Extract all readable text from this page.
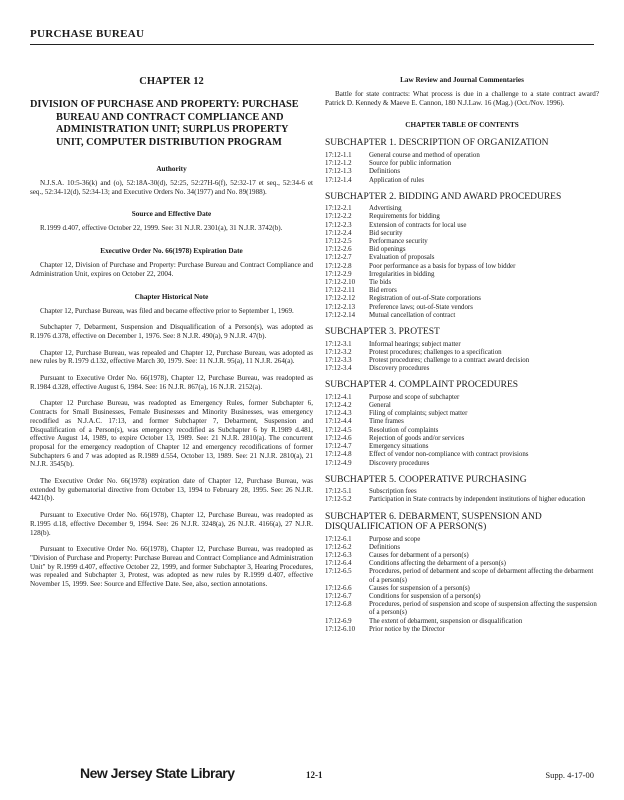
PURCHASE BUREAU
CHAPTER 12
DIVISION OF PURCHASE AND PROPERTY: PURCHASE BUREAU AND CONTRACT COMPLIANCE AND ADMINISTRATION UNIT; SURPLUS PROPERTY UNIT, COMPUTER DISTRIBUTION PROGRAM
Authority
N.J.S.A. 10:5-36(k) and (o), 52:18A-30(d), 52:25, 52:27H-6(f), 52:32-17 et seq., 52:34-6 et seq., 52:34-12(d), 52:34-13; and Executive Orders No. 34(1977) and No. 89(1988).
Source and Effective Date
R.1999 d.407, effective October 22, 1999. See: 31 N.J.R. 2301(a), 31 N.J.R. 3742(b).
Executive Order No. 66(1978) Expiration Date
Chapter 12, Division of Purchase and Property: Purchase Bureau and Contract Compliance and Administration Unit, expires on October 22, 2004.
Chapter Historical Note
Chapter 12, Purchase Bureau, was filed and became effective prior to September 1, 1969.
Subchapter 7, Debarment, Suspension and Disqualification of a Person(s), was adopted as R.1976 d.378, effective on December 1, 1976. See: 8 N.J.R. 490(a), 9 N.J.R. 47(b).
Chapter 12, Purchase Bureau, was repealed and Chapter 12, Purchase Bureau, was adopted as new rules by R.1979 d.132, effective March 30, 1979. See: 11 N.J.R. 95(a), 11 N.J.R. 264(a).
Pursuant to Executive Order No. 66(1978), Chapter 12, Purchase Bureau, was readopted as R.1984 d.328, effective August 6, 1984. See: 16 N.J.R. 867(a), 16 N.J.R. 2152(a).
Chapter 12 Purchase Bureau, was readopted as Emergency Rules, former Subchapter 6, Contracts for Small Businesses, Female Businesses and Minority Businesses, was emergency recodified as N.J.A.C. 17:13, and former Subchapter 7, Debarment, Suspension and Disqualification of a Person(s), was emergency recodified as Subchapter 6 by R.1989 d.481, effective August 14, 1989, to expire October 13, 1989. See: 21 N.J.R. 2810(a). The concurrent proposal for the emergency readoption of Chapter 12 and emergency recodifications of former Subchapters 6 and 7 was adopted as R.1989 d.554, October 13, 1989. See: 21 N.J.R. 2810(a), 21 N.J.R. 3545(b).
The Executive Order No. 66(1978) expiration date of Chapter 12, Purchase Bureau, was extended by gubernatorial directive from October 13, 1994 to February 28, 1995. See: 26 N.J.R. 4421(b).
Pursuant to Executive Order No. 66(1978), Chapter 12, Purchase Bureau, was readopted as R.1995 d.18, effective December 9, 1994. See: 26 N.J.R. 3248(a), 26 N.J.R. 4166(a), 27 N.J.R. 128(b).
Pursuant to Executive Order No. 66(1978), Chapter 12, Purchase Bureau, was readopted as "Division of Purchase and Property: Purchase Bureau and Contract Compliance and Administration Unit" by R.1999 d.407, effective October 22, 1999, and former Subchapter 3, Hearing Procedures, was repealed and Subchapter 3, Protest, was adopted as new rules by R.1999 d.407, effective November 15, 1999. See: Source and Effective Date. See, also, section annotations.
Law Review and Journal Commentaries
Battle for state contracts: What process is due in a challenge to a state contract award? Patrick D. Kennedy & Maeve E. Cannon, 180 N.J.Law. 16 (Mag.) (Oct./Nov. 1996).
CHAPTER TABLE OF CONTENTS
SUBCHAPTER 1. DESCRIPTION OF ORGANIZATION
17:12-1.1	General course and method of operation
17:12-1.2	Source for public information
17:12-1.3	Definitions
17:12-1.4	Application of rules
SUBCHAPTER 2. BIDDING AND AWARD PROCEDURES
17:12-2.1	Advertising
17:12-2.2	Requirements for bidding
17:12-2.3	Extension of contracts for local use
17:12-2.4	Bid security
17:12-2.5	Performance security
17:12-2.6	Bid openings
17:12-2.7	Evaluation of proposals
17:12-2.8	Poor performance as a basis for bypass of low bidder
17:12-2.9	Irregularities in bidding
17:12-2.10	Tie bids
17:12-2.11	Bid errors
17:12-2.12	Registration of out-of-State corporations
17:12-2.13	Preference laws; out-of-State vendors
17:12-2.14	Mutual cancellation of contract
SUBCHAPTER 3. PROTEST
17:12-3.1	Informal hearings; subject matter
17:12-3.2	Protest procedures; challenges to a specification
17:12-3.3	Protest procedures; challenge to a contract award decision
17:12-3.4	Discovery procedures
SUBCHAPTER 4. COMPLAINT PROCEDURES
17:12-4.1	Purpose and scope of subchapter
17:12-4.2	General
17:12-4.3	Filing of complaints; subject matter
17:12-4.4	Time frames
17:12-4.5	Resolution of complaints
17:12-4.6	Rejection of goods and/or services
17:12-4.7	Emergency situations
17:12-4.8	Effect of vendor non-compliance with contract provisions
17:12-4.9	Discovery procedures
SUBCHAPTER 5. COOPERATIVE PURCHASING
17:12-5.1	Subscription fees
17:12-5.2	Participation in State contracts by independent institutions of higher education
SUBCHAPTER 6. DEBARMENT, SUSPENSION AND DISQUALIFICATION OF A PERSON(S)
17:12-6.1	Purpose and scope
17:12-6.2	Definitions
17:12-6.3	Causes for debarment of a person(s)
17:12-6.4	Conditions affecting the debarment of a person(s)
17:12-6.5	Procedures, period of debarment and scope of debarment affecting the debarment of a person(s)
17:12-6.6	Causes for suspension of a person(s)
17:12-6.7	Conditions for suspension of a person(s)
17:12-6.8	Procedures, period of suspension and scope of suspension affecting the suspension of a person(s)
17:12-6.9	The extent of debarment, suspension or disqualification
17:12-6.10	Prior notice by the Director
New Jersey State Library	12-1	Supp. 4-17-00
